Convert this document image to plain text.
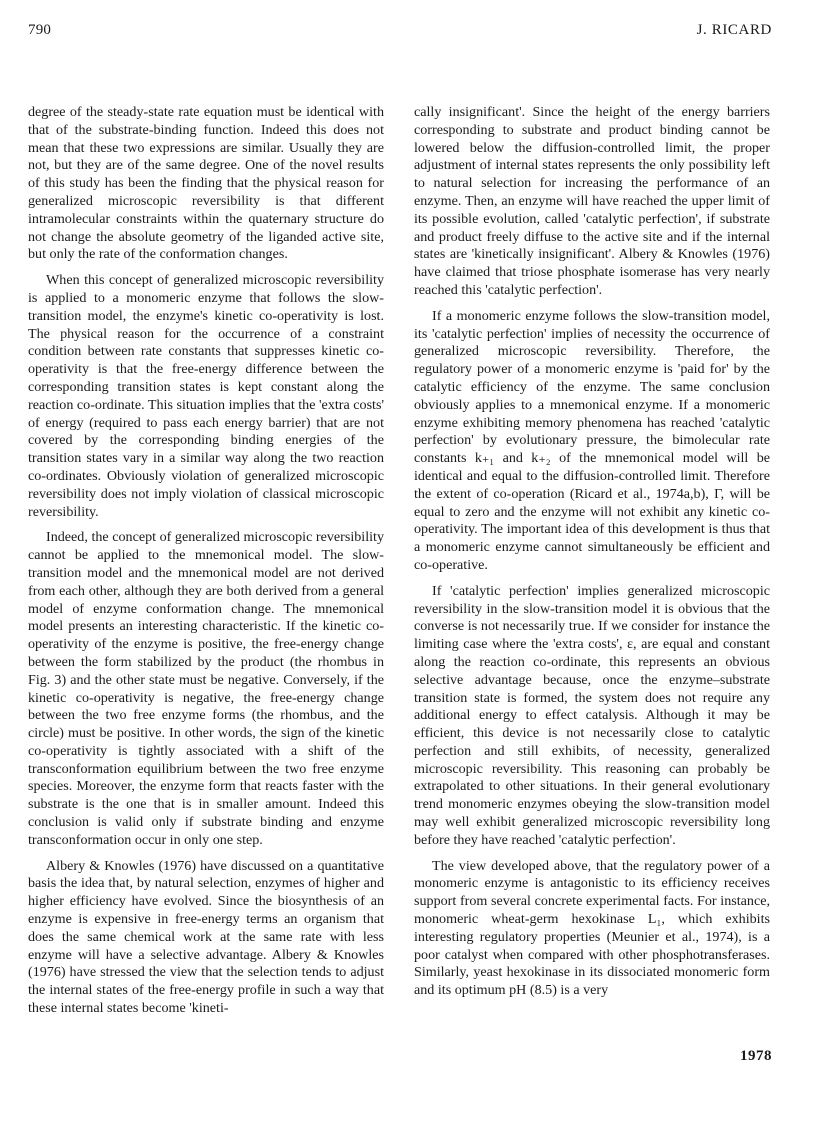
790	J. RICARD

degree of the steady-state rate equation must be identical with that of the substrate-binding function. Indeed this does not mean that these two expressions are similar. Usually they are not, but they are of the same degree. One of the novel results of this study has been the finding that the physical reason for generalized microscopic reversibility is that different intramolecular constraints within the quaternary structure do not change the absolute geometry of the liganded active site, but only the rate of the conformation changes.

When this concept of generalized microscopic reversibility is applied to a monomeric enzyme that follows the slow-transition model, the enzyme's kinetic co-operativity is lost. The physical reason for the occurrence of a constraint condition between rate constants that suppresses kinetic co-operativity is that the free-energy difference between the corresponding transition states is kept constant along the reaction co-ordinate. This situation implies that the 'extra costs' of energy (required to pass each energy barrier) that are not covered by the corresponding binding energies of the transition states vary in a similar way along the two reaction co-ordinates. Obviously violation of generalized microscopic reversibility does not imply violation of classical microscopic reversibility.

Indeed, the concept of generalized microscopic reversibility cannot be applied to the mnemonical model. The slow-transition model and the mnemonical model are not derived from each other, although they are both derived from a general model of enzyme conformation change. The mnemonical model presents an interesting characteristic. If the kinetic co-operativity of the enzyme is positive, the free-energy change between the form stabilized by the product (the rhombus in Fig. 3) and the other state must be negative. Conversely, if the kinetic co-operativity is negative, the free-energy change between the two free enzyme forms (the rhombus, and the circle) must be positive. In other words, the sign of the kinetic co-operativity is tightly associated with a shift of the transconformation equilibrium between the two free enzyme species. Moreover, the enzyme form that reacts faster with the substrate is the one that is in smaller amount. Indeed this conclusion is valid only if substrate binding and enzyme transconformation occur in only one step.

Albery & Knowles (1976) have discussed on a quantitative basis the idea that, by natural selection, enzymes of higher and higher efficiency have evolved. Since the biosynthesis of an enzyme is expensive in free-energy terms an organism that does the same chemical work at the same rate with less enzyme will have a selective advantage. Albery & Knowles (1976) have stressed the view that the selection tends to adjust the internal states of the free-energy profile in such a way that these internal states become 'kineti-

cally insignificant'. Since the height of the energy barriers corresponding to substrate and product binding cannot be lowered below the diffusion-controlled limit, the proper adjustment of internal states represents the only possibility left to natural selection for increasing the performance of an enzyme. Then, an enzyme will have reached the upper limit of its possible evolution, called 'catalytic perfection', if substrate and product freely diffuse to the active site and if the internal states are 'kinetically insignificant'. Albery & Knowles (1976) have claimed that triose phosphate isomerase has very nearly reached this 'catalytic perfection'.

If a monomeric enzyme follows the slow-transition model, its 'catalytic perfection' implies of necessity the occurrence of generalized microscopic reversibility. Therefore, the regulatory power of a monomeric enzyme is 'paid for' by the catalytic efficiency of the enzyme. The same conclusion obviously applies to a mnemonical enzyme. If a monomeric enzyme exhibiting memory phenomena has reached 'catalytic perfection' by evolutionary pressure, the bimolecular rate constants k₊₁ and k₊₂ of the mnemonical model will be identical and equal to the diffusion-controlled limit. Therefore the extent of co-operation (Ricard et al., 1974a,b), Γ, will be equal to zero and the enzyme will not exhibit any kinetic co-operativity. The important idea of this development is thus that a monomeric enzyme cannot simultaneously be efficient and co-operative.

If 'catalytic perfection' implies generalized microscopic reversibility in the slow-transition model it is obvious that the converse is not necessarily true. If we consider for instance the limiting case where the 'extra costs', ε, are equal and constant along the reaction co-ordinate, this represents an obvious selective advantage because, once the enzyme–substrate transition state is formed, the system does not require any additional energy to effect catalysis. Although it may be efficient, this device is not necessarily close to catalytic perfection and still exhibits, of necessity, generalized microscopic reversibility. This reasoning can probably be extrapolated to other situations. In their general evolutionary trend monomeric enzymes obeying the slow-transition model may well exhibit generalized microscopic reversibility long before they have reached 'catalytic perfection'.

The view developed above, that the regulatory power of a monomeric enzyme is antagonistic to its efficiency receives support from several concrete experimental facts. For instance, monomeric wheat-germ hexokinase L₁, which exhibits interesting regulatory properties (Meunier et al., 1974), is a poor catalyst when compared with other phosphotransferases. Similarly, yeast hexokinase in its dissociated monomeric form and its optimum pH (8.5) is a very

1978
